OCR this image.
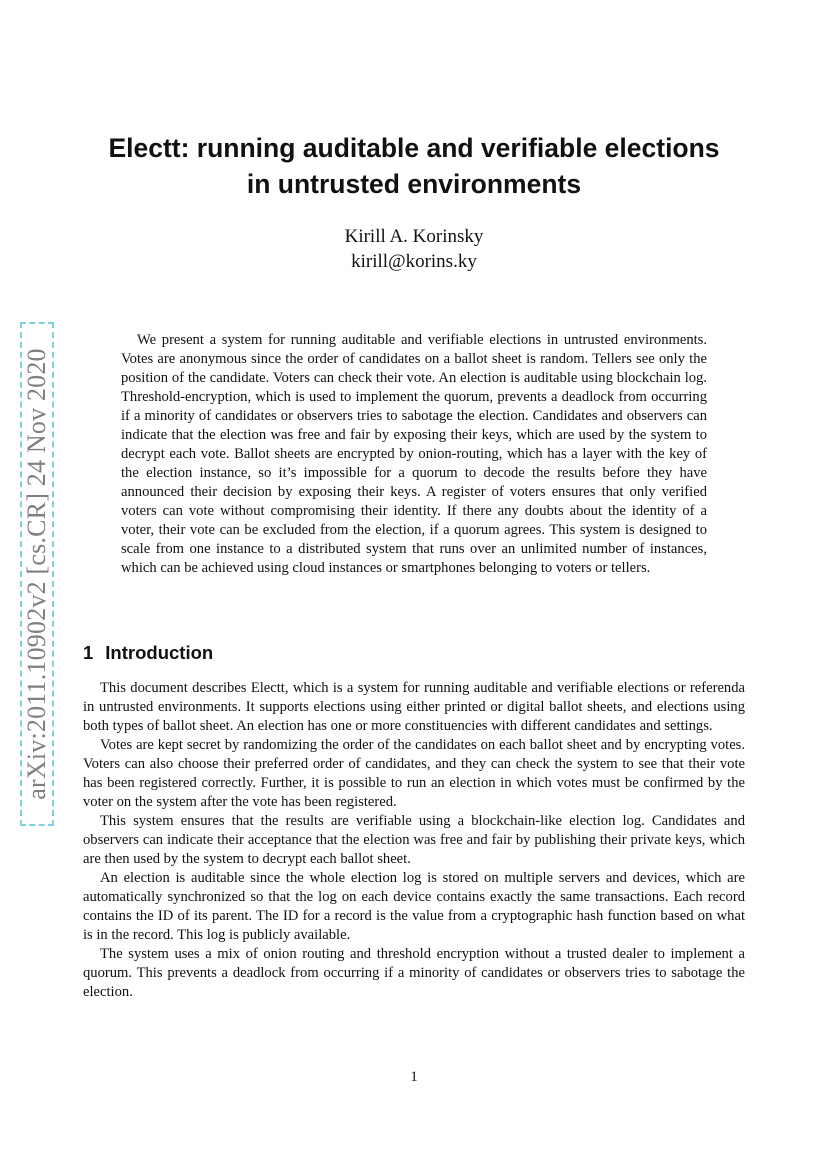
arXiv:2011.10902v2 [cs.CR] 24 Nov 2020
Electt: running auditable and verifiable elections
in untrusted environments
Kirill A. Korinsky
kirill@korins.ky

We present a system for running auditable and verifiable elections in untrusted environments. Votes are anonymous since the order of candidates on a ballot sheet is random. Tellers see only the position of the candidate. Voters can check their vote. An election is auditable using blockchain log. Threshold-encryption, which is used to implement the quorum, prevents a deadlock from occurring if a minority of candidates or observers tries to sabotage the election. Candidates and observers can indicate that the election was free and fair by exposing their keys, which are used by the system to decrypt each vote. Ballot sheets are encrypted by onion-routing, which has a layer with the key of the election instance, so it’s impossible for a quorum to decode the results before they have announced their decision by exposing their keys. A register of voters ensures that only verified voters can vote without compromising their identity. If there any doubts about the identity of a voter, their vote can be excluded from the election, if a quorum agrees. This system is designed to scale from one instance to a distributed system that runs over an unlimited number of instances, which can be achieved using cloud instances or smartphones belonging to voters or tellers.

1 Introduction

This document describes Electt, which is a system for running auditable and verifiable elections or referenda in untrusted environments. It supports elections using either printed or digital ballot sheets, and elections using both types of ballot sheet. An election has one or more constituencies with different candidates and settings.

Votes are kept secret by randomizing the order of the candidates on each ballot sheet and by encrypting votes. Voters can also choose their preferred order of candidates, and they can check the system to see that their vote has been registered correctly. Further, it is possible to run an election in which votes must be confirmed by the voter on the system after the vote has been registered.

This system ensures that the results are verifiable using a blockchain-like election log. Candidates and observers can indicate their acceptance that the election was free and fair by publishing their private keys, which are then used by the system to decrypt each ballot sheet.

An election is auditable since the whole election log is stored on multiple servers and devices, which are automatically synchronized so that the log on each device contains exactly the same transactions. Each record contains the ID of its parent. The ID for a record is the value from a cryptographic hash function based on what is in the record. This log is publicly available.

The system uses a mix of onion routing and threshold encryption without a trusted dealer to implement a quorum. This prevents a deadlock from occurring if a minority of candidates or observers tries to sabotage the election.

1
